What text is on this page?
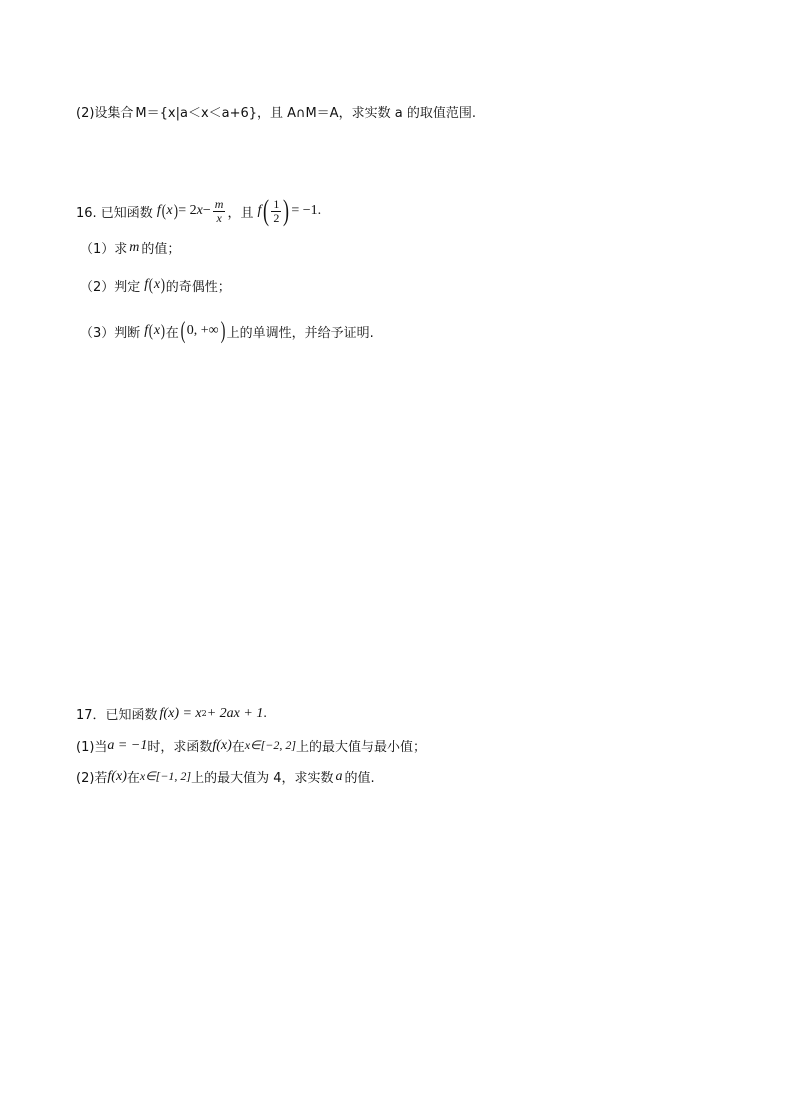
(2)设集合 M＝{x|a＜x＜a+6} ，且 A∩M＝A ，求实数 a 的取值范围.
16. 已知函数 f ( x ) = 2 $x - \frac{m}{x}$ ，且 f ( $\frac{1}{2}$ ) = −1.
（1）求 m 的值；
（2）判定 f ( x ) 的奇偶性；
（3）判断 f ( x ) 在 ( 0, +∞ ) 上的单调性，并给予证明.
17．已知函数 f(x) = x 2 + 2ax + 1 .
(1)当 a = −1 时，求函数 f(x) 在 x∈[−2, 2] 上的最大值与最小值；
(2)若 f(x) 在 x∈[−1, 2] 上的最大值为 4，求实数 a 的值.
